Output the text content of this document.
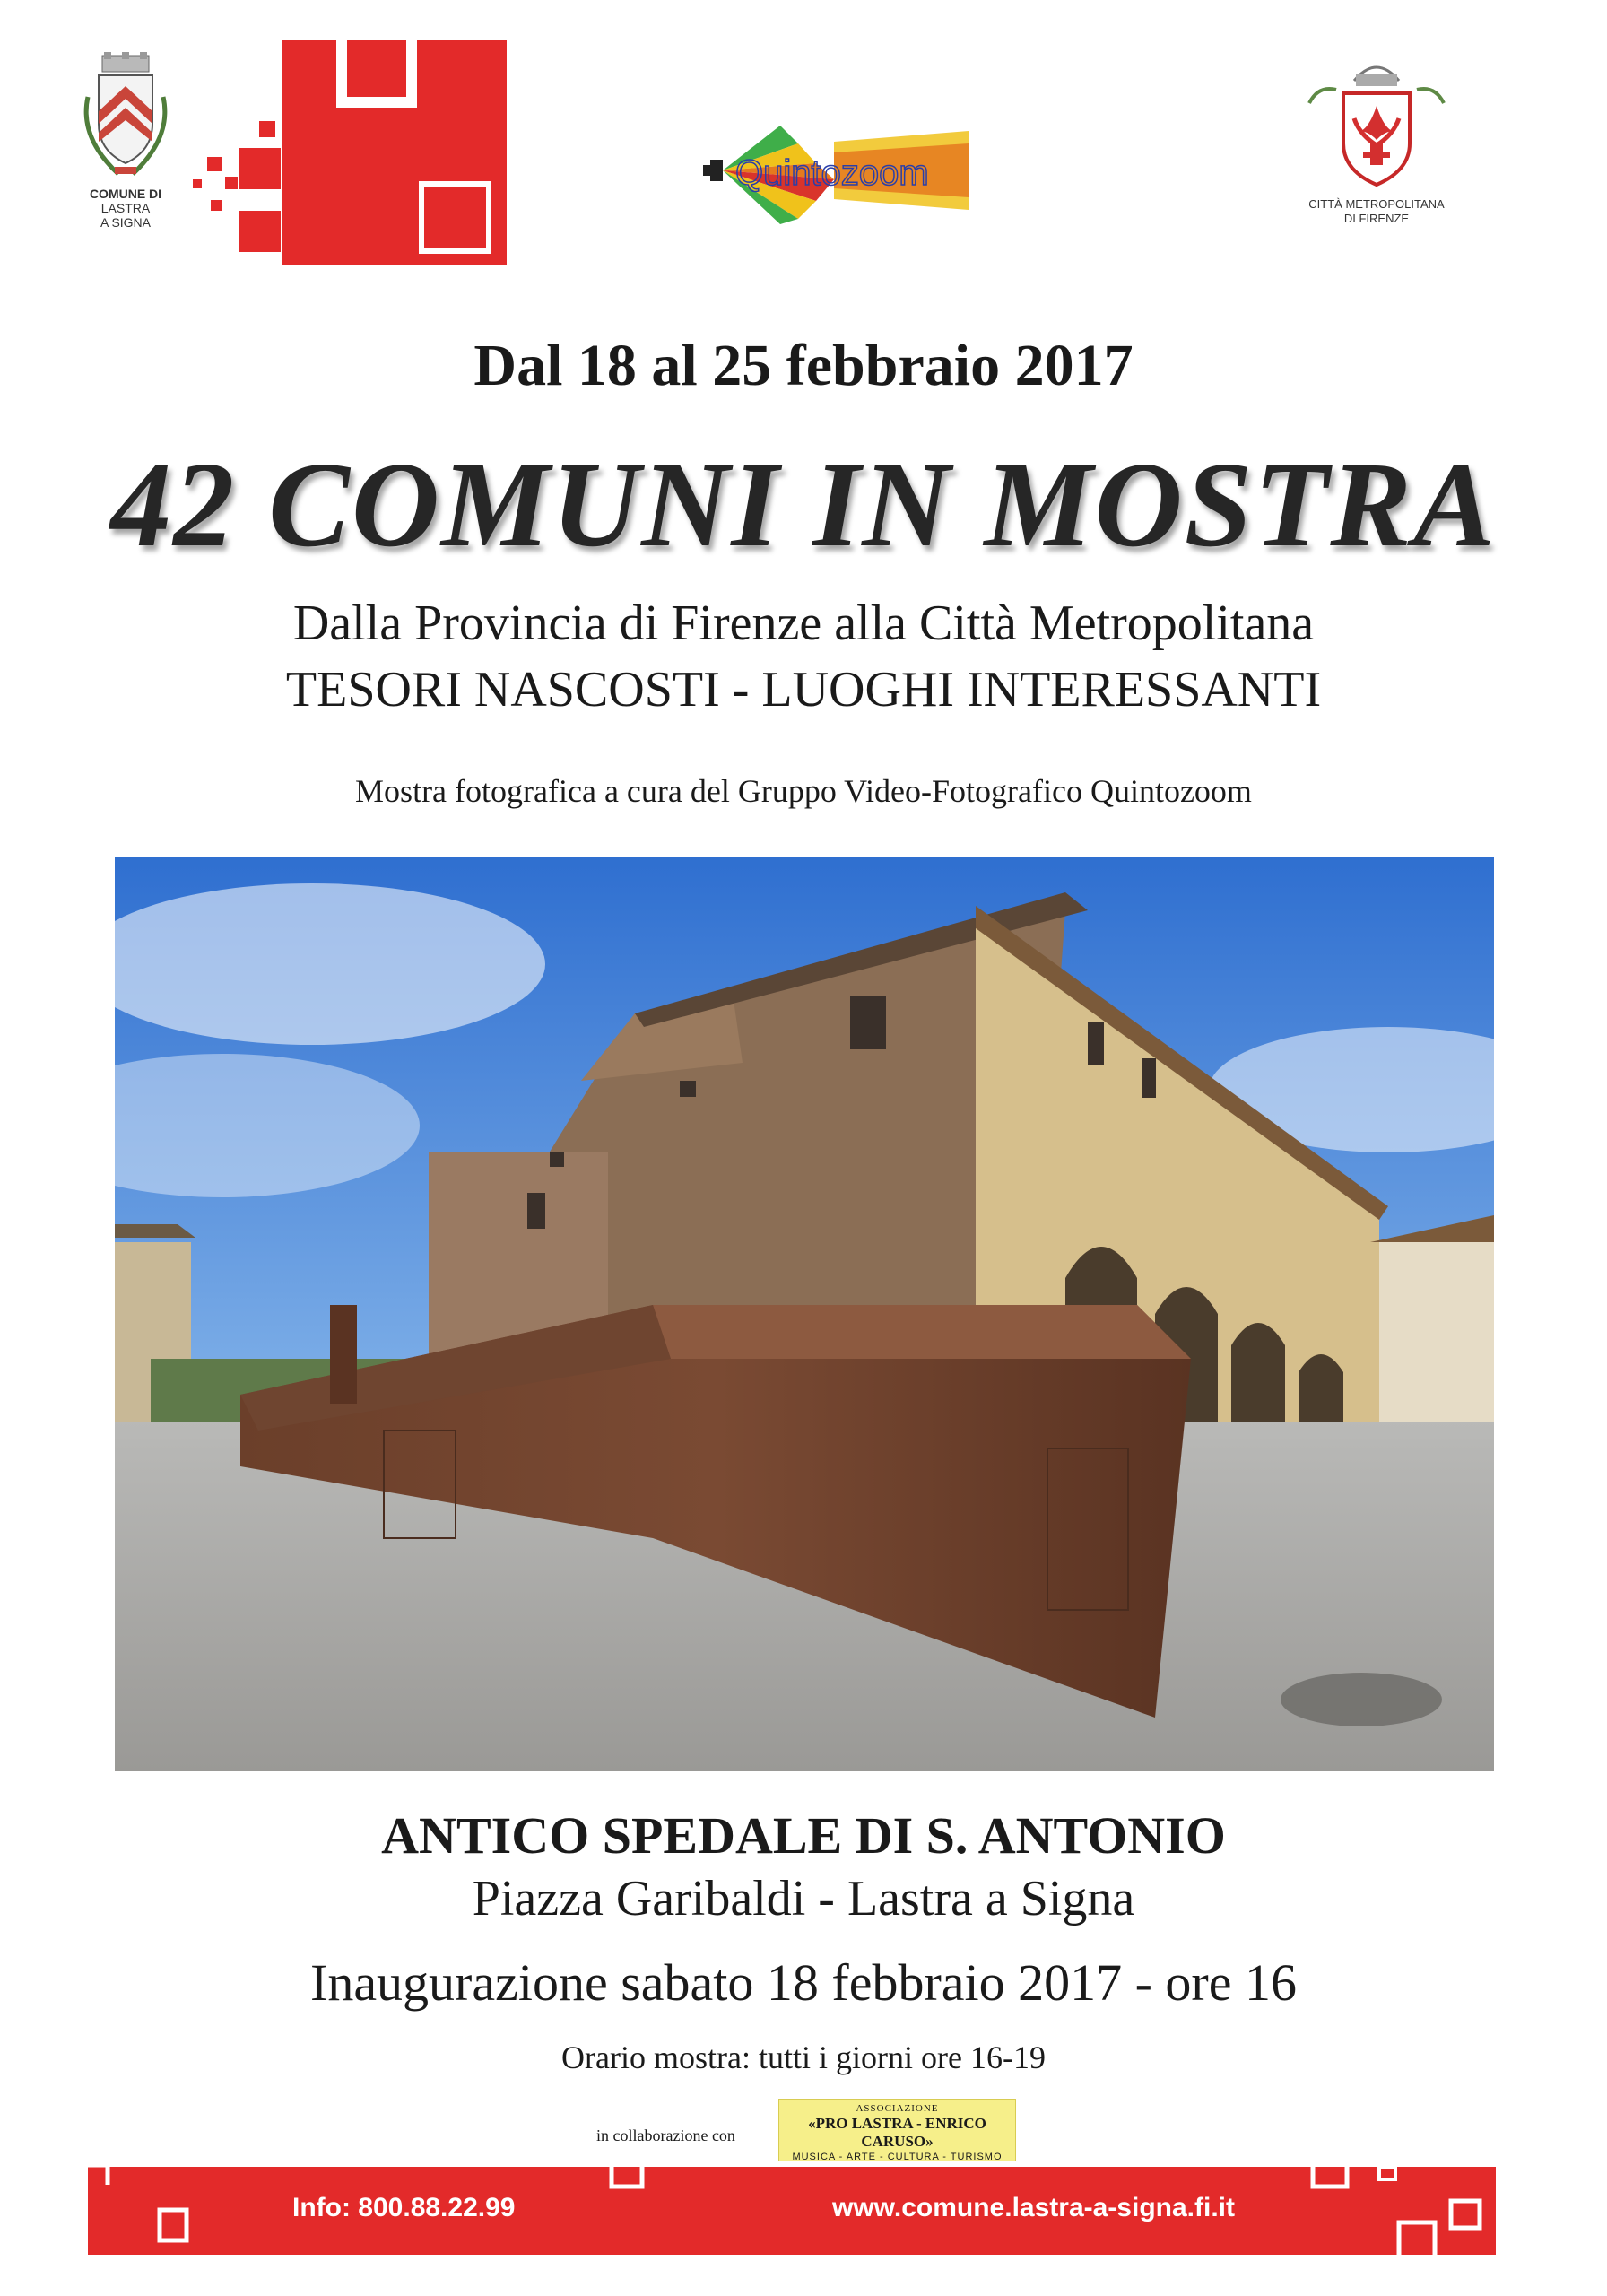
COMUNE DI
LASTRA
A SIGNA
Quintozoom
CITTÀ METROPOLITANA
DI FIRENZE
Dal 18 al 25 febbraio 2017
42 COMUNI IN MOSTRA
Dalla Provincia di Firenze alla Città Metropolitana
TESORI NASCOSTI - LUOGHI INTERESSANTI
Mostra fotografica a cura del Gruppo Video-Fotografico Quintozoom
ANTICO SPEDALE DI S. ANTONIO
Piazza Garibaldi - Lastra a Signa
Inaugurazione sabato 18 febbraio 2017 - ore 16
Orario mostra: tutti i giorni ore 16-19
in collaborazione con
ASSOCIAZIONE
«PRO LASTRA - ENRICO CARUSO»
MUSICA - ARTE - CULTURA - TURISMO
Info: 800.88.22.99	www.comune.lastra-a-signa.fi.it
